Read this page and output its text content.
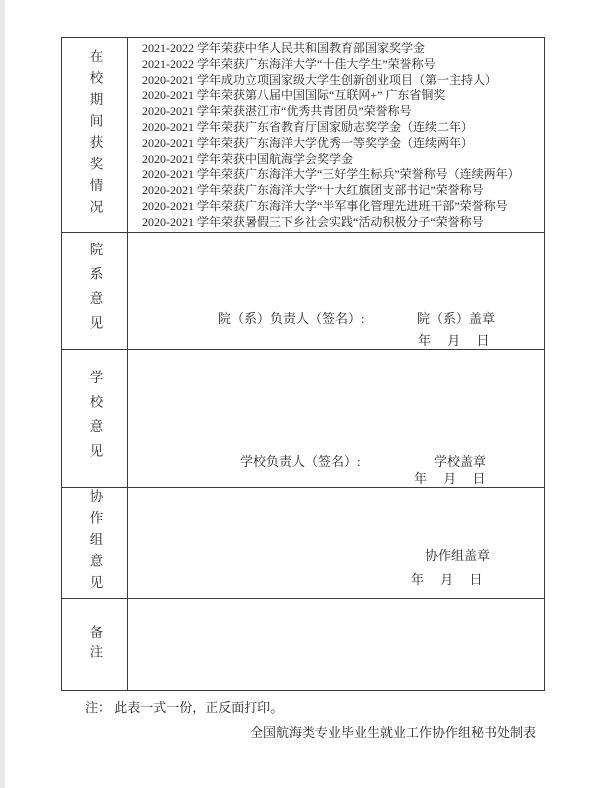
在校期间获奖情况
2021-2022 学年荣获中华人民共和国教育部国家奖学金
2021-2022 学年荣获广东海洋大学“十佳大学生”荣誉称号
2020-2021 学年成功立项国家级大学生创新创业项目（第一主持人）
2020-2021 学年荣获第八届中国国际“互联网+” 广东省铜奖
2020-2021 学年荣获湛江市“优秀共青团员”荣誉称号
2020-2021 学年荣获广东省教育厅国家励志奖学金（连续二年）
2020-2021 学年荣获广东海洋大学优秀一等奖学金（连续两年）
2020-2021 学年荣获中国航海学会奖学金
2020-2021 学年荣获广东海洋大学“三好学生标兵”荣誉称号（连续两年）
2020-2021 学年荣获广东海洋大学“十大红旗团支部书记”荣誉称号
2020-2021 学年荣获广东海洋大学“半军事化管理先进班干部”荣誉称号
2020-2021 学年荣获暑假三下乡社会实践“活动积极分子“荣誉称号
院系意见	院（系）负责人（签名）:	院（系）盖章
年　 月　 日
学校意见	学校负责人（签名）:	学校盖章
年　 月　 日
协作组意见	协作组盖章
年　 月　 日
备注
注： 此表一式一份，正反面打印。
全国航海类专业毕业生就业工作协作组秘书处制表
